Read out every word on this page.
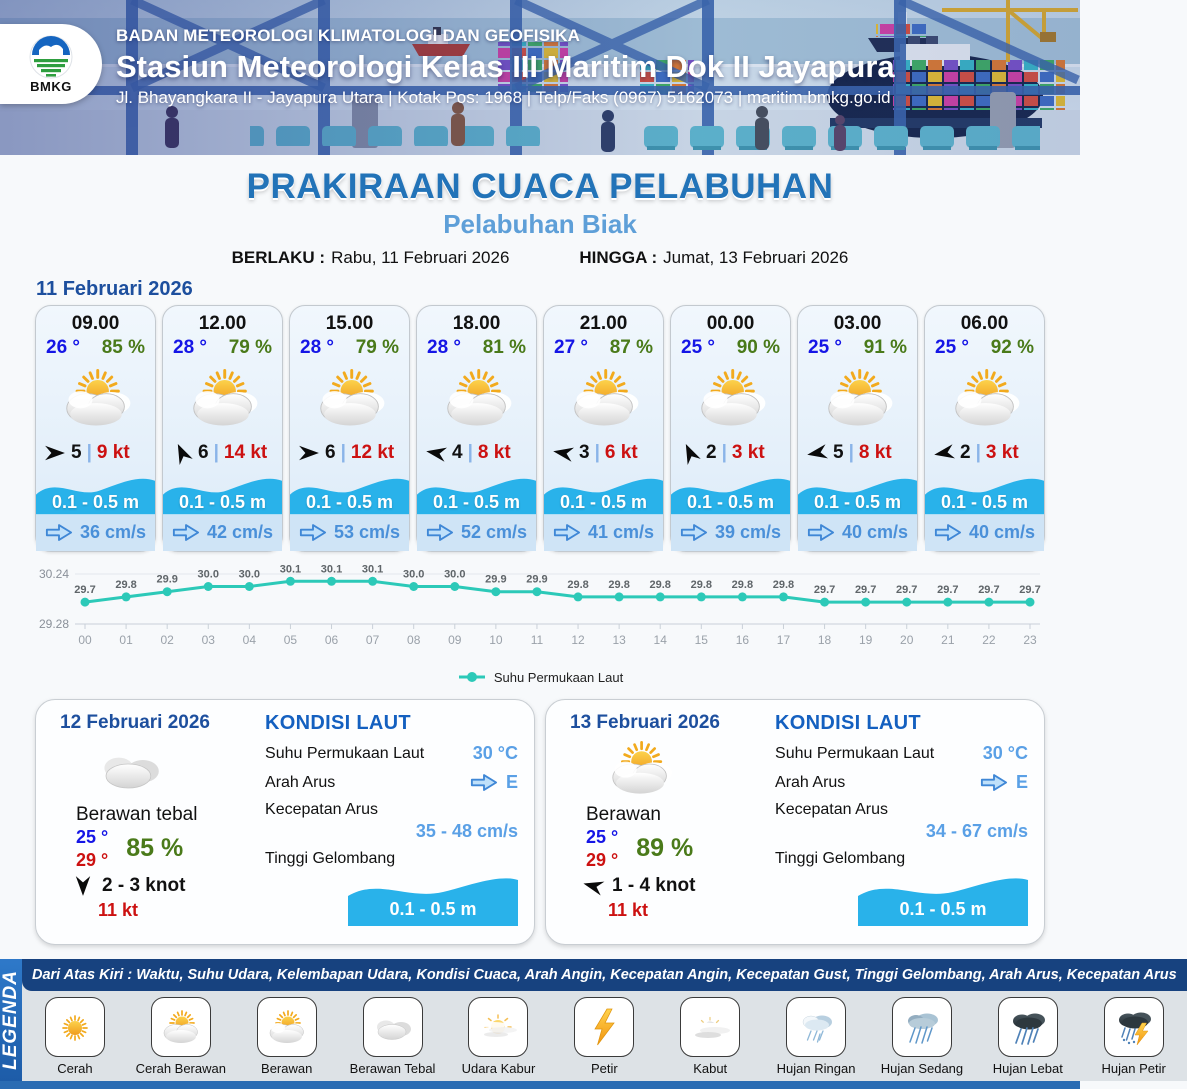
BMKG
BADAN METEOROLOGI KLIMATOLOGI DAN GEOFISIKA
Stasiun Meteorologi Kelas III Maritim Dok II Jayapura
Jl. Bhayangkara II - Jayapura Utara | Kotak Pos: 1968 | Telp/Faks (0967) 5162073 | maritim.bmkg.go.id
PRAKIRAAN CUACA PELABUHAN
Pelabuhan Biak
BERLAKU : Rabu, 11 Februari 2026	HINGGA : Jumat, 13 Februari 2026
11 Februari 2026
09.00
26 ° 85 %
5 | 9 kt
0.1 - 0.5 m
36 cm/s
12.00
28 ° 79 %
6 | 14 kt
0.1 - 0.5 m
42 cm/s
15.00
28 ° 79 %
6 | 12 kt
0.1 - 0.5 m
53 cm/s
18.00
28 ° 81 %
4 | 8 kt
0.1 - 0.5 m
52 cm/s
21.00
27 ° 87 %
3 | 6 kt
0.1 - 0.5 m
41 cm/s
00.00
25 ° 90 %
2 | 3 kt
0.1 - 0.5 m
39 cm/s
03.00
25 ° 91 %
5 | 8 kt
0.1 - 0.5 m
40 cm/s
06.00
25 ° 92 %
2 | 3 kt
0.1 - 0.5 m
40 cm/s
30.24
29.28
00 01 02 03 04 05 06 07 08 09 10 11 12 13 14 15 16 17 18 19 20 21 22 23
29.7 29.8 29.9 30.0 30.0 30.1 30.1 30.1 30.0 30.0 29.9 29.9 29.8 29.8 29.8 29.8 29.8 29.8 29.7 29.7 29.7 29.7 29.7 29.7
Suhu Permukaan Laut
12 Februari 2026
Berawan tebal
25 °
29 ° 85 %
2 - 3 knot
11 kt
KONDISI LAUT
Suhu Permukaan Laut	30 °C
Arah Arus	E
Kecepatan Arus
35 - 48 cm/s
Tinggi Gelombang
0.1 - 0.5 m
13 Februari 2026
Berawan
25 °
29 ° 89 %
1 - 4 knot
11 kt
KONDISI LAUT
Suhu Permukaan Laut	30 °C
Arah Arus	E
Kecepatan Arus
34 - 67 cm/s
Tinggi Gelombang
0.1 - 0.5 m
LEGENDA Dari Atas Kiri : Waktu, Suhu Udara, Kelembapan Udara, Kondisi Cuaca, Arah Angin, Kecepatan Angin, Kecepatan Gust, Tinggi Gelombang, Arah Arus, Kecepatan Arus
Cerah	Cerah Berawan	Berawan	Berawan Tebal Udara Kabur	Petir	Kabut	Hujan Ringan Hujan Sedang Hujan Lebat	Hujan Petir
